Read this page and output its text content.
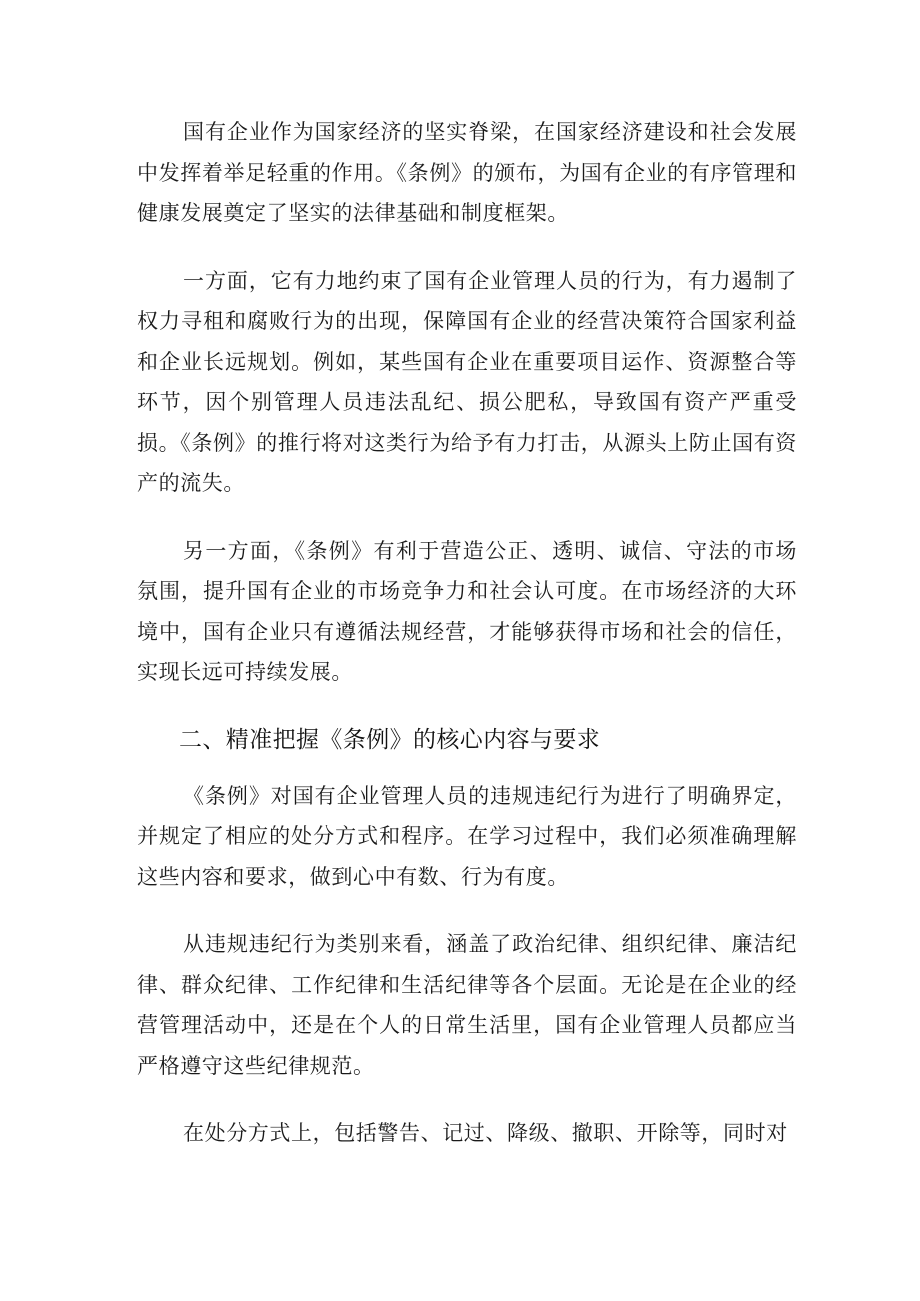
国有企业作为国家经济的坚实脊梁，在国家经济建设和社会发展中发挥着举足轻重的作用。《条例》的颁布，为国有企业的有序管理和健康发展奠定了坚实的法律基础和制度框架。

一方面，它有力地约束了国有企业管理人员的行为，有力遏制了权力寻租和腐败行为的出现，保障国有企业的经营决策符合国家利益和企业长远规划。例如，某些国有企业在重要项目运作、资源整合等环节，因个别管理人员违法乱纪、损公肥私，导致国有资产严重受损。《条例》的推行将对这类行为给予有力打击，从源头上防止国有资产的流失。

另一方面，《条例》有利于营造公正、透明、诚信、守法的市场氛围，提升国有企业的市场竞争力和社会认可度。在市场经济的大环境中，国有企业只有遵循法规经营，才能够获得市场和社会的信任，实现长远可持续发展。

二、精准把握《条例》的核心内容与要求

《条例》对国有企业管理人员的违规违纪行为进行了明确界定，并规定了相应的处分方式和程序。在学习过程中，我们必须准确理解这些内容和要求，做到心中有数、行为有度。

从违规违纪行为类别来看，涵盖了政治纪律、组织纪律、廉洁纪律、群众纪律、工作纪律和生活纪律等各个层面。无论是在企业的经营管理活动中，还是在个人的日常生活里，国有企业管理人员都应当严格遵守这些纪律规范。

在处分方式上，包括警告、记过、降级、撤职、开除等，同时对
